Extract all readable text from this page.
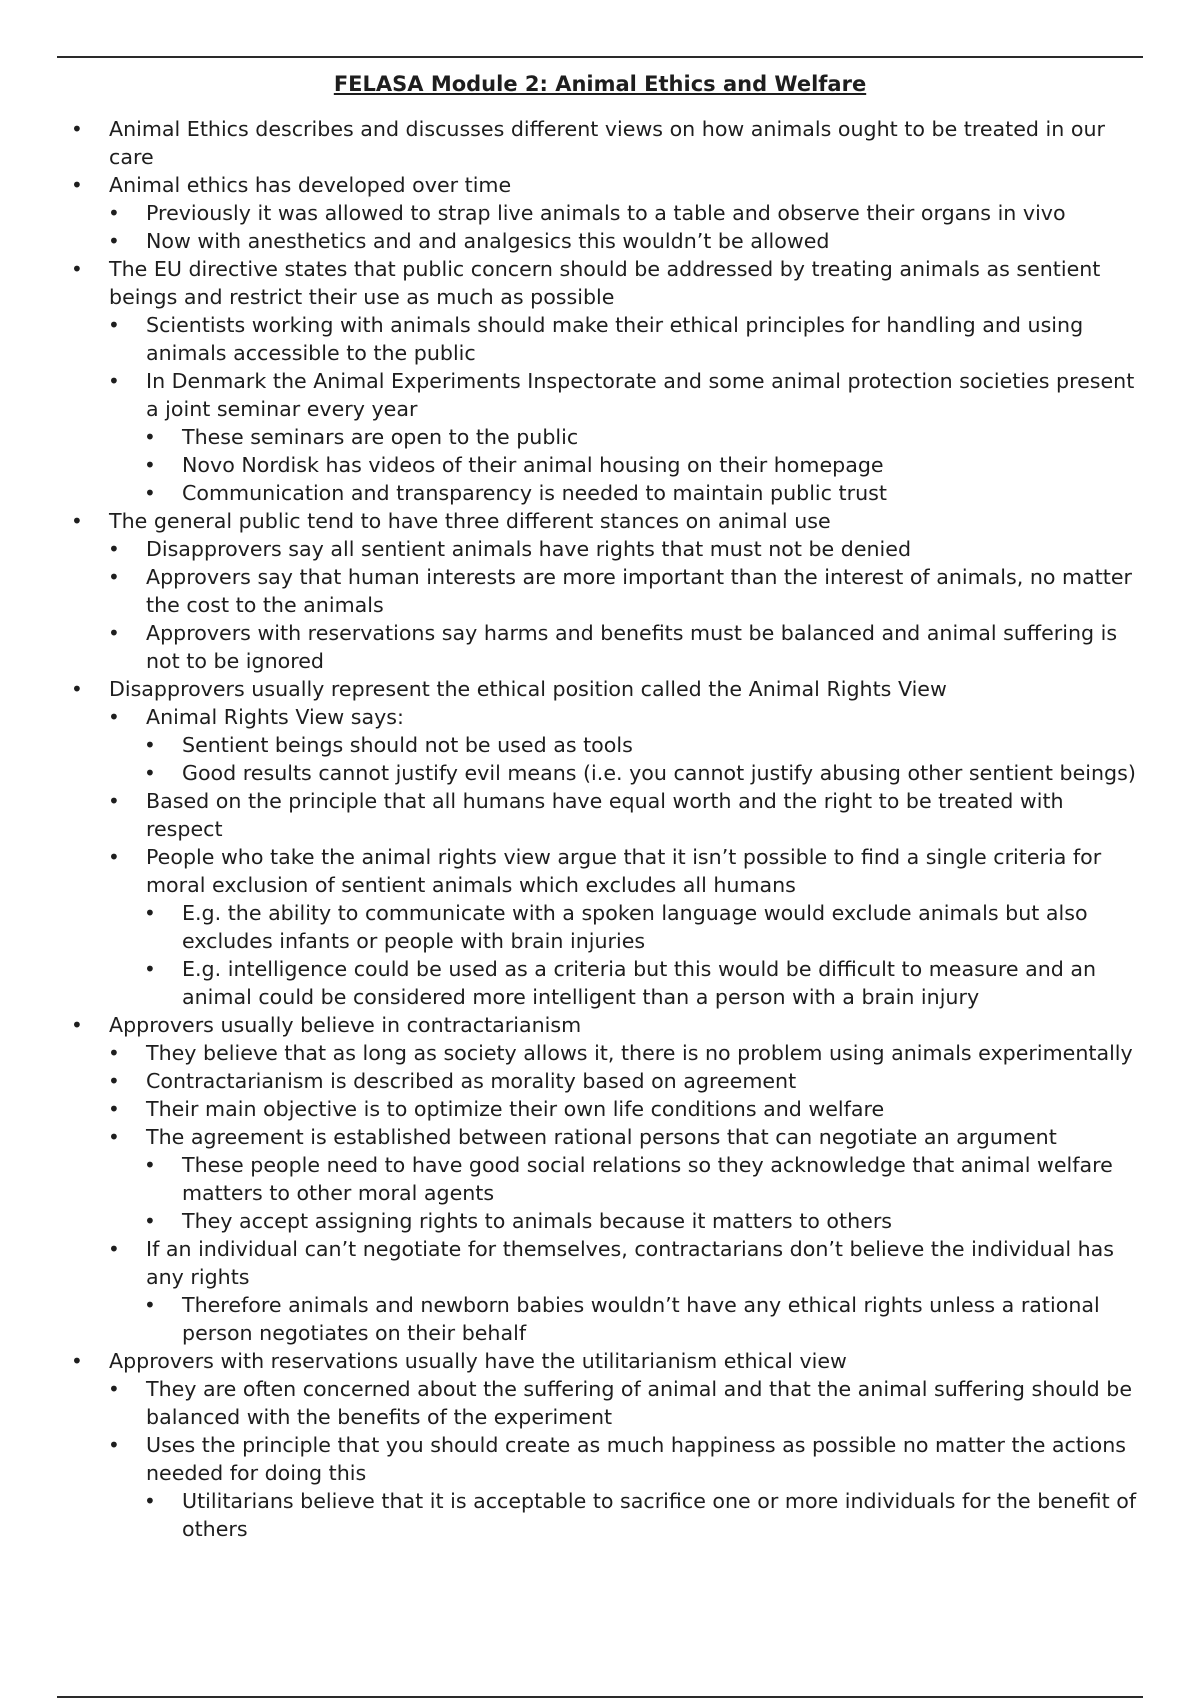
FELASA Module 2: Animal Ethics and Welfare
• Animal Ethics describes and discusses different views on how animals ought to be treated in our care
• Animal ethics has developed over time
• Previously it was allowed to strap live animals to a table and observe their organs in vivo
• Now with anesthetics and and analgesics this wouldn’t be allowed
• The EU directive states that public concern should be addressed by treating animals as sentient beings and restrict their use as much as possible
• Scientists working with animals should make their ethical principles for handling and using animals accessible to the public
• In Denmark the Animal Experiments Inspectorate and some animal protection societies present a joint seminar every year
• These seminars are open to the public
• Novo Nordisk has videos of their animal housing on their homepage
• Communication and transparency is needed to maintain public trust
• The general public tend to have three different stances on animal use
• Disapprovers say all sentient animals have rights that must not be denied
• Approvers say that human interests are more important than the interest of animals, no matter the cost to the animals
• Approvers with reservations say harms and benefits must be balanced and animal suffering is not to be ignored
• Disapprovers usually represent the ethical position called the Animal Rights View
• Animal Rights View says:
• Sentient beings should not be used as tools
• Good results cannot justify evil means (i.e. you cannot justify abusing other sentient beings)
• Based on the principle that all humans have equal worth and the right to be treated with respect
• People who take the animal rights view argue that it isn’t possible to find a single criteria for moral exclusion of sentient animals which excludes all humans
• E.g. the ability to communicate with a spoken language would exclude animals but also excludes infants or people with brain injuries
• E.g. intelligence could be used as a criteria but this would be difficult to measure and an animal could be considered more intelligent than a person with a brain injury
• Approvers usually believe in contractarianism
• They believe that as long as society allows it, there is no problem using animals experimentally
• Contractarianism is described as morality based on agreement
• Their main objective is to optimize their own life conditions and welfare
• The agreement is established between rational persons that can negotiate an argument
• These people need to have good social relations so they acknowledge that animal welfare matters to other moral agents
• They accept assigning rights to animals because it matters to others
• If an individual can’t negotiate for themselves, contractarians don’t believe the individual has any rights
• Therefore animals and newborn babies wouldn’t have any ethical rights unless a rational person negotiates on their behalf
• Approvers with reservations usually have the utilitarianism ethical view
• They are often concerned about the suffering of animal and that the animal suffering should be balanced with the benefits of the experiment
• Uses the principle that you should create as much happiness as possible no matter the actions needed for doing this
• Utilitarians believe that it is acceptable to sacrifice one or more individuals for the benefit of others
